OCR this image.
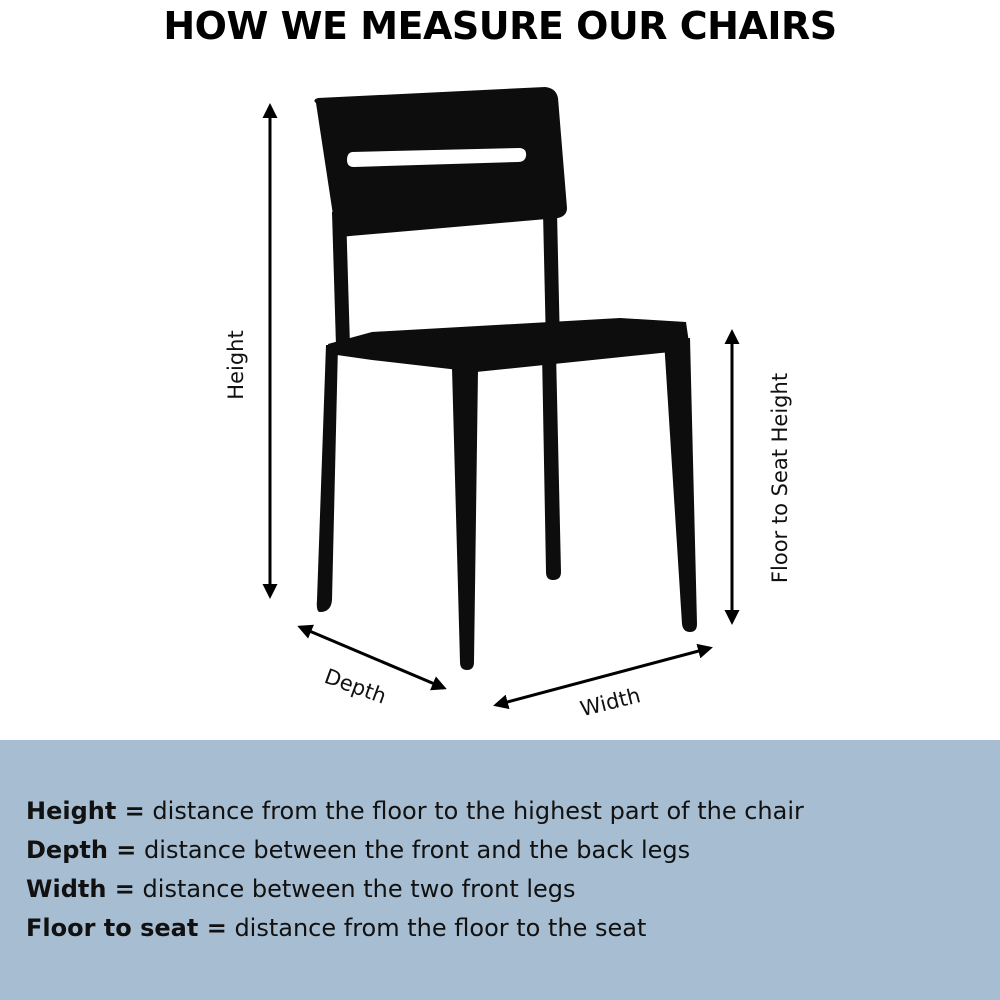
HOW WE MEASURE OUR CHAIRS
Height
Floor to Seat Height
Depth	Width
Height = distance from the floor to the highest part of the chair
Depth = distance between the front and the back legs
Width = distance between the two front legs
Floor to seat = distance from the floor to the seat
